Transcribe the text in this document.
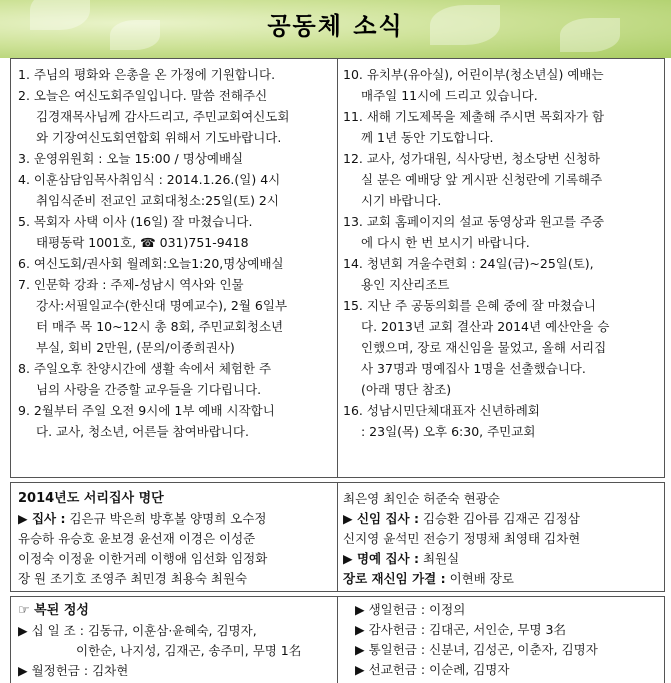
공동체 소식
1. 주님의 평화와 은총을 온 가정에 기원합니다.
2. 오늘은 여신도회주일입니다. 말씀 전해주신
김경재목사님께 감사드리고, 주민교회여신도회
와 기장여신도회연합회 위해서 기도바랍니다.
3. 운영위원회 : 오늘 15:00 / 명상예배실
4. 이훈삼담임목사취임식 : 2014.1.26.(일) 4시
취임식준비 전교인 교회대청소:25일(토) 2시
5. 목회자 사택 이사 (16일) 잘 마쳤습니다.
태평동락 1001호, ☎ 031)751-9418
6. 여신도회/권사회 월례회:오늘1:20,명상예배실
7. 인문학 강좌 : 주제-성남시 역사와 인물
강사:서필일교수(한신대 명예교수), 2월 6일부
터 매주 목 10~12시 총 8회, 주민교회청소년
부실, 회비 2만원, (문의/이종희권사)
8. 주일오후 찬양시간에 생활 속에서 체험한 주
님의 사랑을 간증할 교우들을 기다립니다.
9. 2월부터 주일 오전 9시에 1부 예배 시작합니
다. 교사, 청소년, 어른들 참여바랍니다.
10. 유치부(유아실), 어린이부(청소년실) 예배는
매주일 11시에 드리고 있습니다.
11. 새해 기도제목을 제출해 주시면 목회자가 함
께 1년 동안 기도합니다.
12. 교사, 성가대원, 식사당번, 청소당번 신청하
실 분은 예배당 앞 게시판 신청란에 기록해주
시기 바랍니다.
13. 교회 홈페이지의 설교 동영상과 원고를 주중
에 다시 한 번 보시기 바랍니다.
14. 청년회 겨울수련회 : 24일(금)~25일(토),
용인 지산리조트
15. 지난 주 공동의회를 은혜 중에 잘 마쳤습니
다. 2013년 교회 결산과 2014년 예산안을 승
인했으며, 장로 재신임을 물었고, 올해 서리집
사 37명과 명예집사 1명을 선출했습니다.
(아래 명단 참조)
16. 성남시민단체대표자 신년하례회
: 23일(목) 오후 6:30, 주민교회
2014년도 서리집사 명단
▶ 집사 : 김은규 박은희 방후볼 양명희 오수정
유승하 유승호 윤보경 윤선재 이경은 이성준
이정숙 이정윤 이한거레 이행애 임선화 임정화
장 원 조기호 조영주 최민경 최용숙 최원숙
최은영 최인순 허준숙 현광순
▶ 신임 집사 : 김승환 김아름 김재곤 김정삼
신지영 윤석민 전승기 정명채 최영태 김차현
▶ 명예 집사 : 최원실
장로 재신임 가결 : 이현배 장로
☞ 복된 정성
▶ 십 일 조 : 김동규, 이훈삼·윤혜숙, 김명자,
이한순, 나지성, 김재곤, 송주미, 무명 1名
▶ 월정헌금 : 김차현
▶ 생일헌금 : 이정의
▶ 감사헌금 : 김대곤, 서인순, 무명 3名
▶ 통일헌금 : 신분녀, 김성곤, 이춘자, 김명자
▶ 선교헌금 : 이순례, 김명자
